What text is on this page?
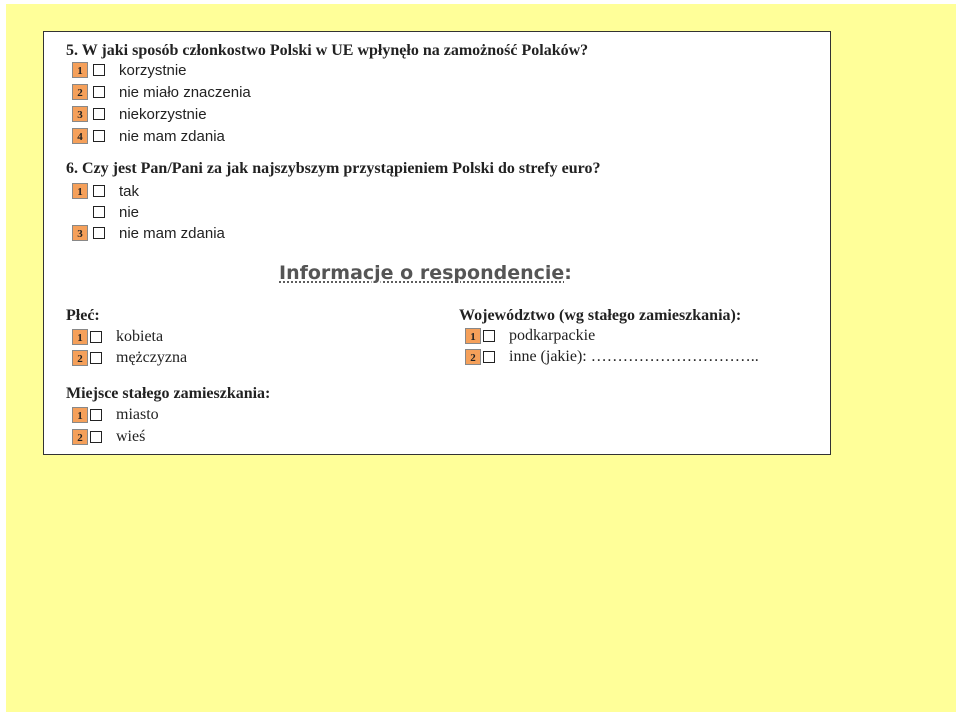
5. W jaki sposób członkostwo Polski w UE wpłynęło na zamożność Polaków?
1	korzystnie
2	nie miało znaczenia
3	niekorzystnie
4	nie mam zdania
6. Czy jest Pan/Pani za jak najszybszym przystąpieniem Polski do strefy euro?
1	tak
nie
3	nie mam zdania
Informacje o respondencie:
Płeć:
1	kobieta
2	mężczyzna
Województwo (wg stałego zamieszkania):
1	podkarpackie
2	inne (jakie): …………………………..
Miejsce stałego zamieszkania:
1	miasto
2	wieś
